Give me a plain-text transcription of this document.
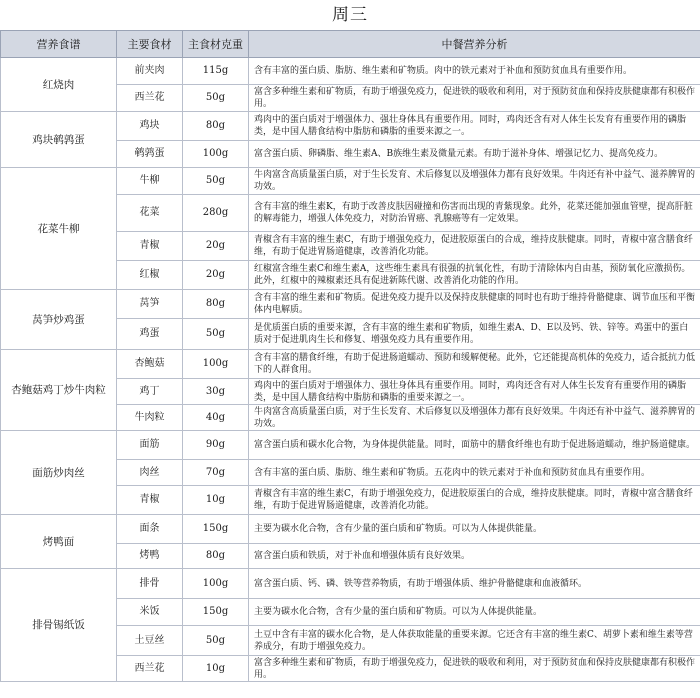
周三
营养食谱	主要食材	主食材克重	中餐营养分析
红烧肉	前夹肉	115g	含有丰富的蛋白质、脂肪、维生素和矿物质。肉中的铁元素对于补血和预防贫血具有重要作用。
	西兰花	50g	富含多种维生素和矿物质，有助于增强免疫力，促进铁的吸收和利用，对于预防贫血和保持皮肤健康都有积极作用。
鸡块鹌鹑蛋	鸡块	80g	鸡肉中的蛋白质对于增强体力、强壮身体具有重要作用。同时，鸡肉还含有对人体生长发育有重要作用的磷脂类，是中国人膳食结构中脂肪和磷脂的重要来源之一。
	鹌鹑蛋	100g	富含蛋白质、卵磷脂、维生素A、B族维生素及微量元素。有助于滋补身体、增强记忆力、提高免疫力。
花菜牛柳	牛柳	50g	牛肉富含高质量蛋白质，对于生长发育、术后修复以及增强体力都有良好效果。牛肉还有补中益气、滋养脾胃的功效。
	花菜	280g	含有丰富的维生素K，有助于改善皮肤因碰撞和伤害而出现的青紫现象。此外，花菜还能加强血管壁，提高肝脏的解毒能力，增强人体免疫力，对防治胃癌、乳腺癌等有一定效果。
	青椒	20g	青椒含有丰富的维生素C，有助于增强免疫力，促进胶原蛋白的合成，维持皮肤健康。同时，青椒中富含膳食纤维，有助于促进胃肠道健康，改善消化功能。
	红椒	20g	红椒富含维生素C和维生素A，这些维生素具有很强的抗氧化性，有助于清除体内自由基，预防氧化应激损伤。此外，红椒中的辣椒素还具有促进新陈代谢、改善消化功能的作用。
莴笋炒鸡蛋	莴笋	80g	含有丰富的维生素和矿物质。促进免疫力提升以及保持皮肤健康的同时也有助于维持骨骼健康、调节血压和平衡体内电解质。
	鸡蛋	50g	是优质蛋白质的重要来源，含有丰富的维生素和矿物质，如维生素A、D、E以及钙、铁、锌等。鸡蛋中的蛋白质对于促进肌肉生长和修复、增强免疫力具有重要作用。
杏鲍菇鸡丁炒牛肉粒	杏鲍菇	100g	含有丰富的膳食纤维，有助于促进肠道蠕动、预防和缓解便秘。此外，它还能提高机体的免疫力，适合抵抗力低下的人群食用。
	鸡丁	30g	鸡肉中的蛋白质对于增强体力、强壮身体具有重要作用。同时，鸡肉还含有对人体生长发育有重要作用的磷脂类，是中国人膳食结构中脂肪和磷脂的重要来源之一。
	牛肉粒	40g	牛肉富含高质量蛋白质，对于生长发育、术后修复以及增强体力都有良好效果。牛肉还有补中益气、滋养脾胃的功效。
面筋炒肉丝	面筋	90g	富含蛋白质和碳水化合物，为身体提供能量。同时，面筋中的膳食纤维也有助于促进肠道蠕动，维护肠道健康。
	肉丝	70g	含有丰富的蛋白质、脂肪、维生素和矿物质。五花肉中的铁元素对于补血和预防贫血具有重要作用。
	青椒	10g	青椒含有丰富的维生素C，有助于增强免疫力，促进胶原蛋白的合成，维持皮肤健康。同时，青椒中富含膳食纤维，有助于促进胃肠道健康，改善消化功能。
烤鸭面	面条	150g	主要为碳水化合物，含有少量的蛋白质和矿物质。可以为人体提供能量。
	烤鸭	80g	富含蛋白质和铁质，对于补血和增强体质有良好效果。
排骨锡纸饭	排骨	100g	富含蛋白质、钙、磷、铁等营养物质，有助于增强体质、维护骨骼健康和血液循环。
	米饭	150g	主要为碳水化合物，含有少量的蛋白质和矿物质。可以为人体提供能量。
	土豆丝	50g	土豆中含有丰富的碳水化合物，是人体获取能量的重要来源。它还含有丰富的维生素C、胡萝卜素和维生素等营养成分，有助于增强免疫力。
	西兰花	10g	富含多种维生素和矿物质，有助于增强免疫力，促进铁的吸收和利用，对于预防贫血和保持皮肤健康都有积极作用。
